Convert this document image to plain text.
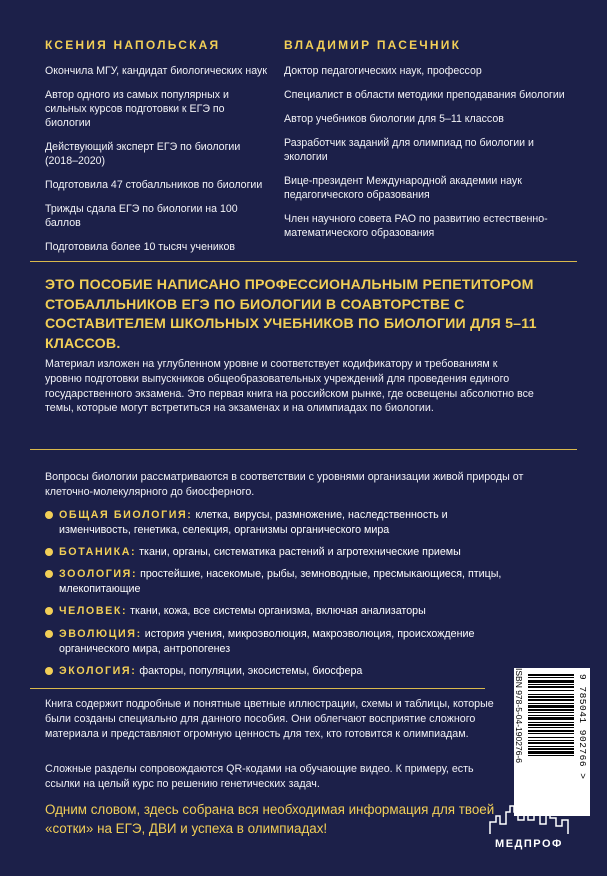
КСЕНИЯ НАПОЛЬСКАЯ
Окончила МГУ, кандидат биологических наук
Автор одного из самых популярных и сильных курсов подготовки к ЕГЭ по биологии
Действующий эксперт ЕГЭ по биологии (2018–2020)
Подготовила 47 стобалльников по биологии
Трижды сдала ЕГЭ по биологии на 100 баллов
Подготовила более 10 тысяч учеников
ВЛАДИМИР ПАСЕЧНИК
Доктор педагогических наук, профессор
Специалист в области методики преподавания биологии
Автор учебников биологии для 5–11 классов
Разработчик заданий для олимпиад по биологии и экологии
Вице-президент Международной академии наук педагогического образования
Член научного совета РАО по развитию естественно-математического образования
ЭТО ПОСОБИЕ НАПИСАНО ПРОФЕССИОНАЛЬНЫМ РЕПЕТИТОРОМ СТОБАЛЛЬНИКОВ ЕГЭ ПО БИОЛОГИИ В СОАВТОРСТВЕ С СОСТАВИТЕЛЕМ ШКОЛЬНЫХ УЧЕБНИКОВ ПО БИОЛОГИИ ДЛЯ 5–11 КЛАССОВ.
Материал изложен на углубленном уровне и соответствует кодификатору и требованиям к уровню подготовки выпускников общеобразовательных учреждений для проведения единого государственного экзамена. Это первая книга на российском рынке, где освещены абсолютно все темы, которые могут встретиться на экзаменах и на олимпиадах по биологии.
Вопросы биологии рассматриваются в соответствии с уровнями организации живой природы от клеточно-молекулярного до биосферного.
ОБЩАЯ БИОЛОГИЯ: клетка, вирусы, размножение, наследственность и изменчивость, генетика, селекция, организмы органического мира
БОТАНИКА: ткани, органы, систематика растений и агротехнические приемы
ЗООЛОГИЯ: простейшие, насекомые, рыбы, земноводные, пресмыкающиеся, птицы, млекопитающие
ЧЕЛОВЕК: ткани, кожа, все системы организма, включая анализаторы
ЭВОЛЮЦИЯ: история учения, микроэволюция, макроэволюция, происхождение органического мира, антропогенез
ЭКОЛОГИЯ: факторы, популяции, экосистемы, биосфера
Книга содержит подробные и понятные цветные иллюстрации, схемы и таблицы, которые были созданы специально для данного пособия. Они облегчают восприятие сложного материала и представляют огромную ценность для тех, кто готовится к олимпиадам.
Сложные разделы сопровождаются QR-кодами на обучающие видео. К примеру, есть ссылки на целый курс по решению генетических задач.
Одним словом, здесь собрана вся необходимая информация для твоей «сотки» на ЕГЭ, ДВИ и успеха в олимпиадах!
ISBN 978-5-04-190276-6	9 785041 902766 >
МЕДПРОФ
